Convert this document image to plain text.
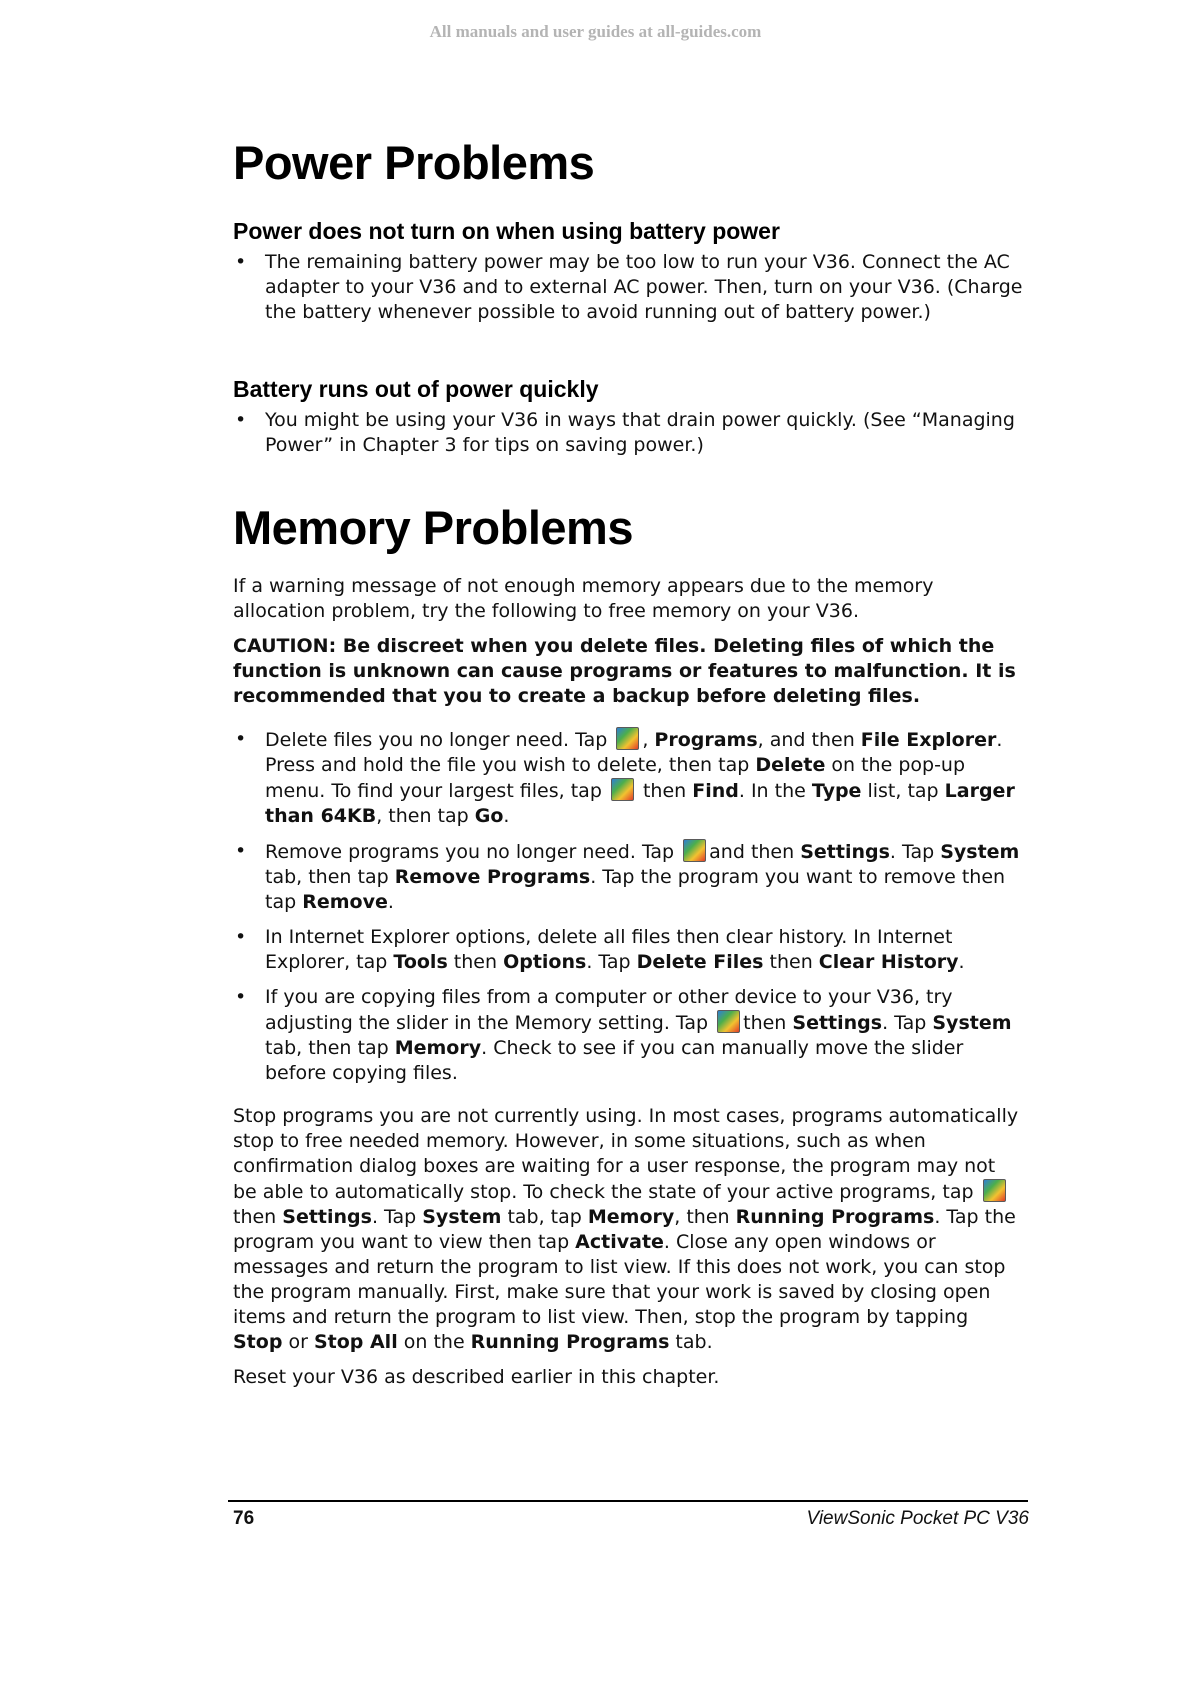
All manuals and user guides at all-guides.com
Power Problems
Power does not turn on when using battery power
• The remaining battery power may be too low to run your V36. Connect the AC adapter to your V36 and to external AC power. Then, turn on your V36. (Charge the battery whenever possible to avoid running out of battery power.)
Battery runs out of power quickly
• You might be using your V36 in ways that drain power quickly. (See “Managing Power” in Chapter 3 for tips on saving power.)
Memory Problems

If a warning message of not enough memory appears due to the memory allocation problem, try the following to free memory on your V36.

CAUTION: Be discreet when you delete files. Deleting files of which the function is unknown can cause programs or features to malfunction. It is recommended that you to create a backup before deleting files.

• Delete files you no longer need. Tap , Programs, and then File Explorer. Press and hold the file you wish to delete, then tap Delete on the pop-up menu. To find your largest files, tap  then Find. In the Type list, tap Larger than 64KB, then tap Go.
• Remove programs you no longer need. Tap and then Settings. Tap System tab, then tap Remove Programs. Tap the program you want to remove then tap Remove.
• In Internet Explorer options, delete all files then clear history. In Internet Explorer, tap Tools then Options. Tap Delete Files then Clear History.
• If you are copying files from a computer or other device to your V36, try adjusting the slider in the Memory setting. Tap then Settings. Tap System tab, then tap Memory. Check to see if you can manually move the slider before copying files.

Stop programs you are not currently using. In most cases, programs automatically stop to free needed memory. However, in some situations, such as when confirmation dialog boxes are waiting for a user response, the program may not be able to automatically stop. To check the state of your active programs, tap then Settings. Tap System tab, tap Memory, then Running Programs. Tap the program you want to view then tap Activate. Close any open windows or messages and return the program to list view. If this does not work, you can stop the program manually. First, make sure that your work is saved by closing open items and return the program to list view. Then, stop the program by tapping Stop or Stop All on the Running Programs tab.

Reset your V36 as described earlier in this chapter.

76	ViewSonic Pocket PC V36
